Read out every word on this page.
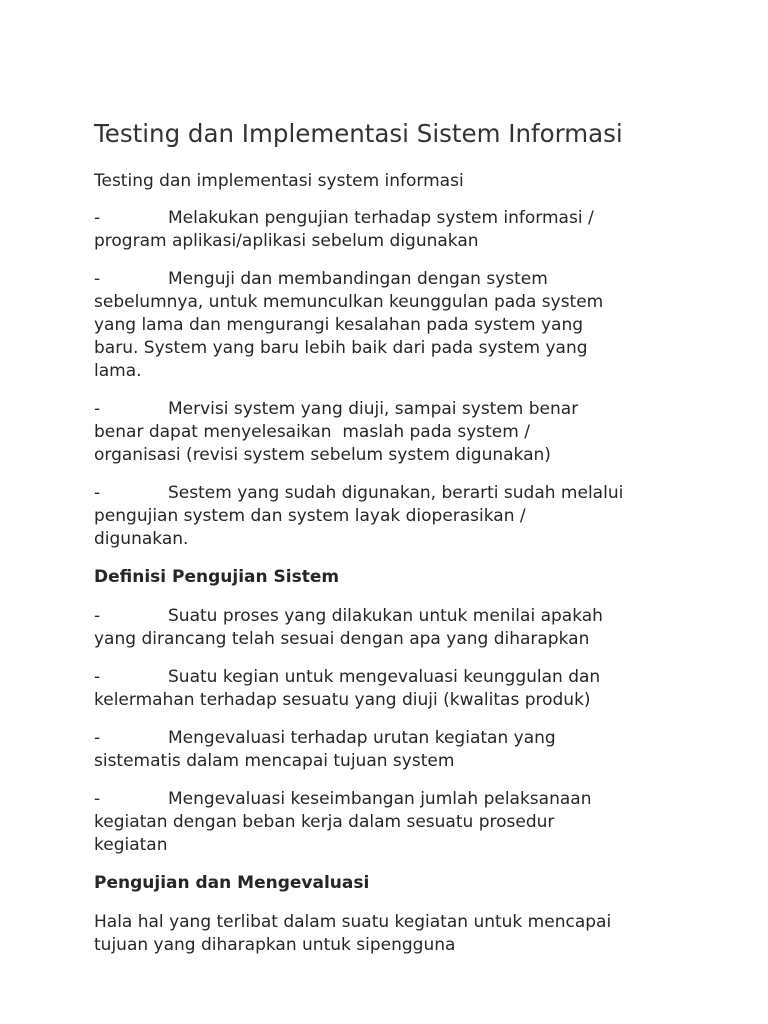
Testing dan Implementasi Sistem Informasi

Testing dan implementasi system informasi

-	Melakukan pengujian terhadap system informasi /
program aplikasi/aplikasi sebelum digunakan
-	Menguji dan membandingan dengan system
sebelumnya, untuk memunculkan keunggulan pada system
yang lama dan mengurangi kesalahan pada system yang
baru. System yang baru lebih baik dari pada system yang
lama.
-	Mervisi system yang diuji, sampai system benar
benar dapat menyelesaikan  maslah pada system /
organisasi (revisi system sebelum system digunakan)
-	Sestem yang sudah digunakan, berarti sudah melalui
pengujian system dan system layak dioperasikan /
digunakan.
Definisi Pengujian Sistem
-	Suatu proses yang dilakukan untuk menilai apakah
yang dirancang telah sesuai dengan apa yang diharapkan
-	Suatu kegian untuk mengevaluasi keunggulan dan
kelermahan terhadap sesuatu yang diuji (kwalitas produk)
-	Mengevaluasi terhadap urutan kegiatan yang
sistematis dalam mencapai tujuan system
-	Mengevaluasi keseimbangan jumlah pelaksanaan
kegiatan dengan beban kerja dalam sesuatu prosedur
kegiatan
Pengujian dan Mengevaluasi
Hala hal yang terlibat dalam suatu kegiatan untuk mencapai
tujuan yang diharapkan untuk sipengguna
